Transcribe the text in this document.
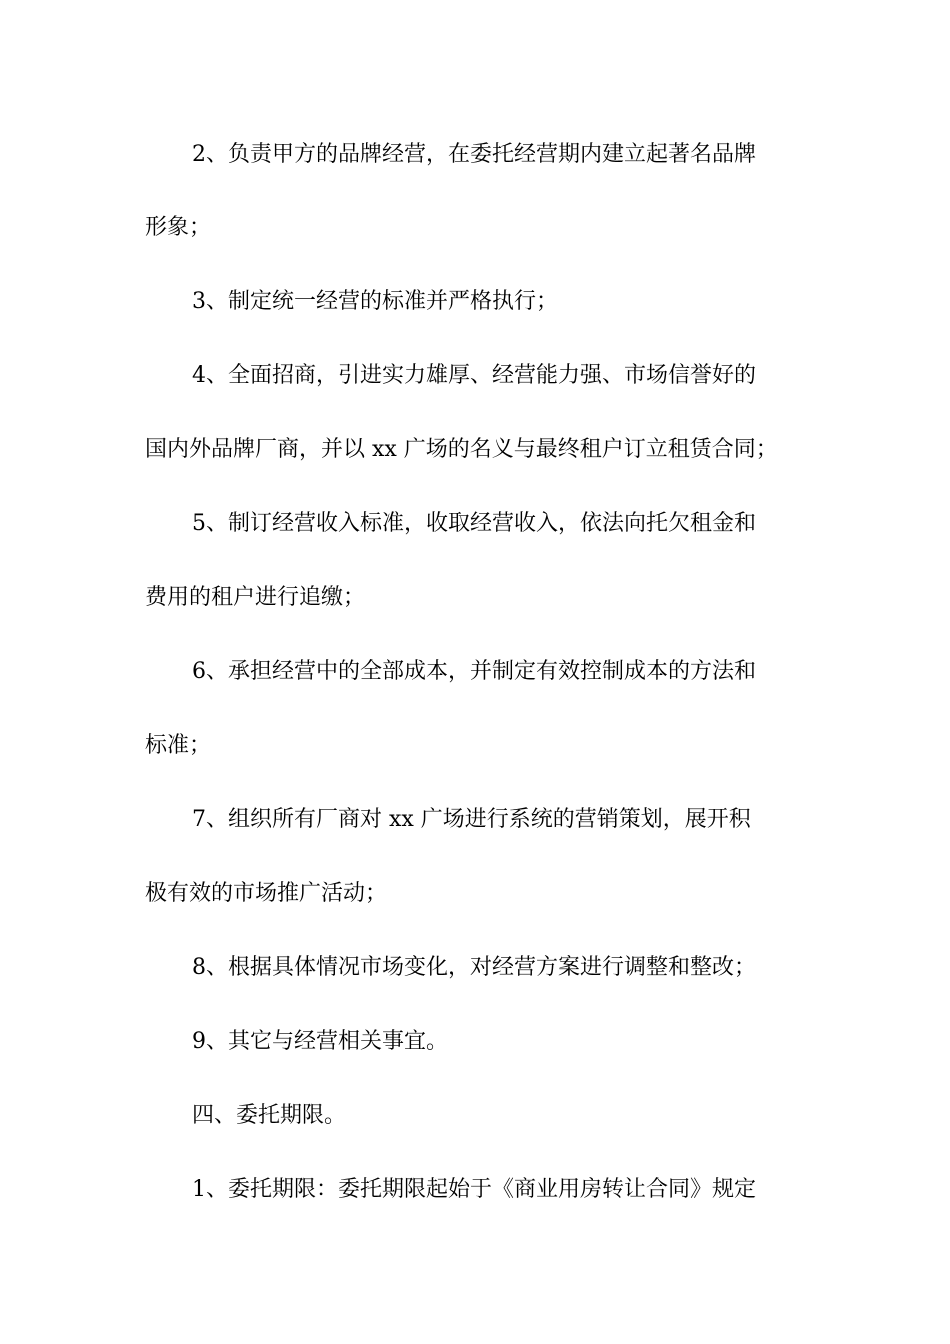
2、负责甲方的品牌经营，在委托经营期内建立起著名品牌
形象；
3、制定统一经营的标准并严格执行；
4、全面招商，引进实力雄厚、经营能力强、市场信誉好的
国内外品牌厂商，并以 xx 广场的名义与最终租户订立租赁合同；
5、制订经营收入标准，收取经营收入，依法向托欠租金和
费用的租户进行追缴；
6、承担经营中的全部成本，并制定有效控制成本的方法和
标准；
7、组织所有厂商对 xx 广场进行系统的营销策划，展开积
极有效的市场推广活动；
8、根据具体情况市场变化，对经营方案进行调整和整改；
9、其它与经营相关事宜。
四、委托期限。
1、委托期限：委托期限起始于《商业用房转让合同》规定
